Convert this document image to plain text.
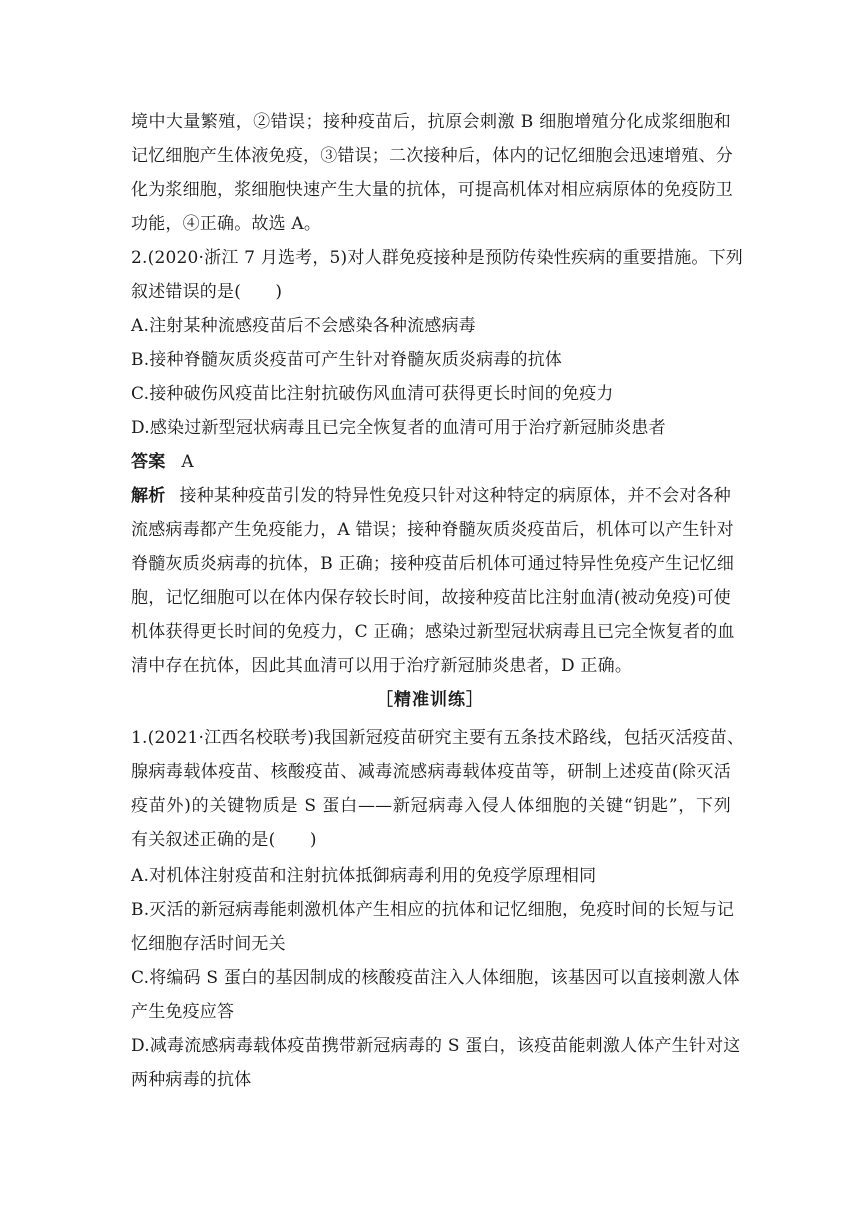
境中大量繁殖，②错误；接种疫苗后，抗原会刺激 B 细胞增殖分化成浆细胞和
记忆细胞产生体液免疫，③错误；二次接种后，体内的记忆细胞会迅速增殖、分
化为浆细胞，浆细胞快速产生大量的抗体，可提高机体对相应病原体的免疫防卫
功能，④正确。故选 A。
2.(2020·浙江 7 月选考，5)对人群免疫接种是预防传染性疾病的重要措施。下列
叙述错误的是(　　)
A.注射某种流感疫苗后不会感染各种流感病毒
B.接种脊髓灰质炎疫苗可产生针对脊髓灰质炎病毒的抗体
C.接种破伤风疫苗比注射抗破伤风血清可获得更长时间的免疫力
D.感染过新型冠状病毒且已完全恢复者的血清可用于治疗新冠肺炎患者
答案 A
解析 接种某种疫苗引发的特异性免疫只针对这种特定的病原体，并不会对各种
流感病毒都产生免疫能力，A 错误；接种脊髓灰质炎疫苗后，机体可以产生针对
脊髓灰质炎病毒的抗体，B 正确；接种疫苗后机体可通过特异性免疫产生记忆细
胞，记忆细胞可以在体内保存较长时间，故接种疫苗比注射血清(被动免疫)可使
机体获得更长时间的免疫力，C 正确；感染过新型冠状病毒且已完全恢复者的血
清中存在抗体，因此其血清可以用于治疗新冠肺炎患者，D 正确。
［精准训练］
1.(2021·江西名校联考)我国新冠疫苗研究主要有五条技术路线，包括灭活疫苗、
腺病毒载体疫苗、核酸疫苗、减毒流感病毒载体疫苗等，研制上述疫苗(除灭活
疫苗外)的关键物质是 S 蛋白——新冠病毒入侵人体细胞的关键“钥匙”，下列
有关叙述正确的是(　　)
A.对机体注射疫苗和注射抗体抵御病毒利用的免疫学原理相同
B.灭活的新冠病毒能刺激机体产生相应的抗体和记忆细胞，免疫时间的长短与记
忆细胞存活时间无关
C.将编码 S 蛋白的基因制成的核酸疫苗注入人体细胞，该基因可以直接刺激人体
产生免疫应答
D.减毒流感病毒载体疫苗携带新冠病毒的 S 蛋白，该疫苗能刺激人体产生针对这
两种病毒的抗体
